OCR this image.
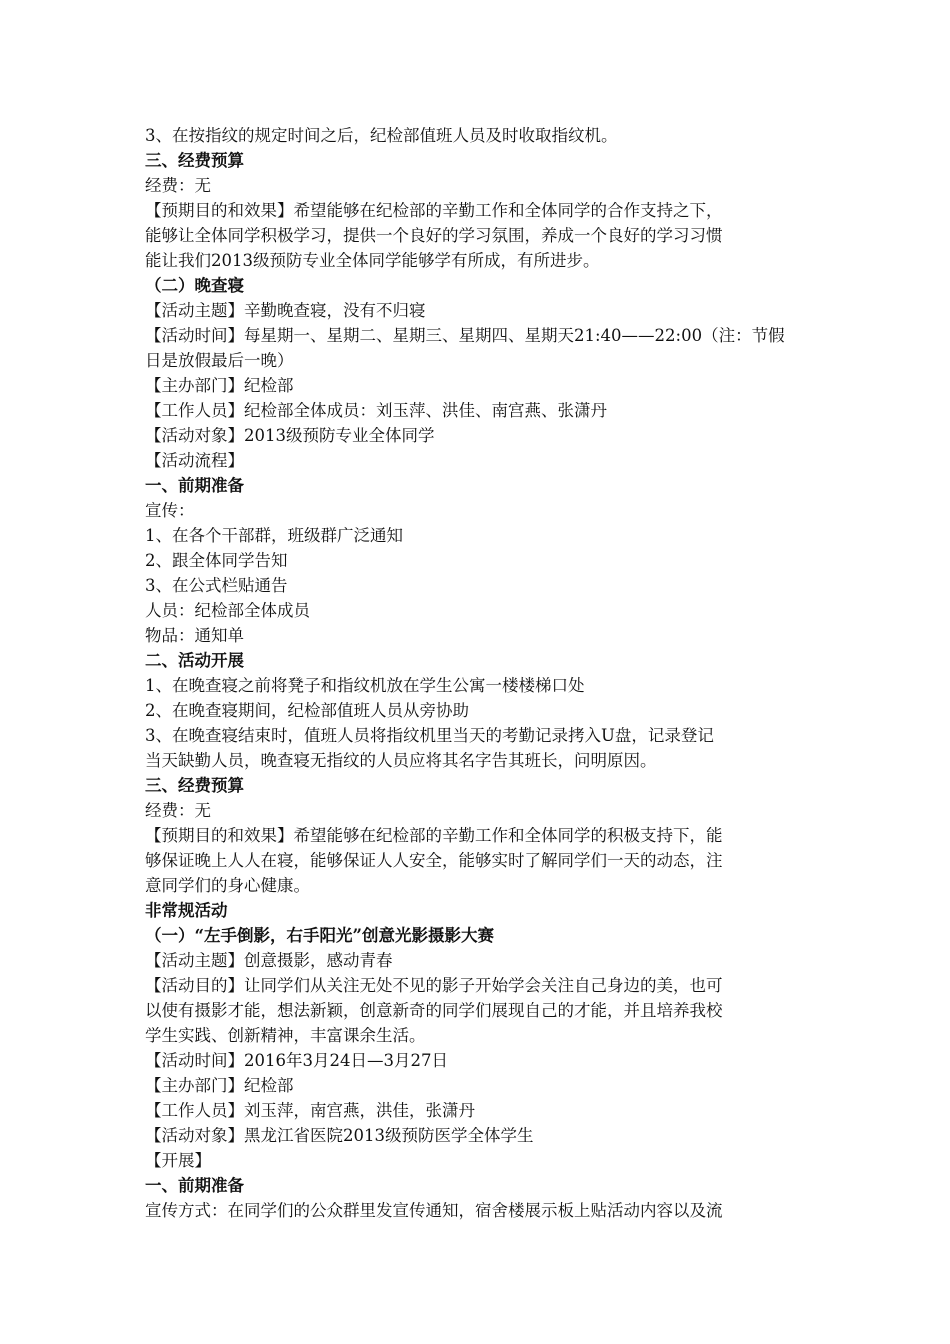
3、在按指纹的规定时间之后，纪检部值班人员及时收取指纹机。
三、经费预算
经费：无
【预期目的和效果】希望能够在纪检部的辛勤工作和全体同学的合作支持之下，
能够让全体同学积极学习，提供一个良好的学习氛围，养成一个良好的学习习惯
能让我们2013级预防专业全体同学能够学有所成，有所进步。
（二）晚查寝
【活动主题】辛勤晚查寝，没有不归寝
【活动时间】每星期一、星期二、星期三、星期四、星期天21:40——22:00（注：节假
日是放假最后一晚）
【主办部门】纪检部
【工作人员】纪检部全体成员：刘玉萍、洪佳、南宫燕、张潇丹
【活动对象】2013级预防专业全体同学
【活动流程】
一、前期准备
宣传：
1、在各个干部群，班级群广泛通知
2、跟全体同学告知
3、在公式栏贴通告
人员：纪检部全体成员
物品：通知单
二、活动开展
1、在晚查寝之前将凳子和指纹机放在学生公寓一楼楼梯口处
2、在晚查寝期间，纪检部值班人员从旁协助
3、在晚查寝结束时，值班人员将指纹机里当天的考勤记录拷入U盘，记录登记
当天缺勤人员，晚查寝无指纹的人员应将其名字告其班长，问明原因。
三、经费预算
经费：无
【预期目的和效果】希望能够在纪检部的辛勤工作和全体同学的积极支持下，能
够保证晚上人人在寝，能够保证人人安全，能够实时了解同学们一天的动态，注
意同学们的身心健康。
非常规活动
（一）“左手倒影，右手阳光”创意光影摄影大赛
【活动主题】创意摄影，感动青春
【活动目的】让同学们从关注无处不见的影子开始学会关注自己身边的美，也可
以使有摄影才能，想法新颖，创意新奇的同学们展现自己的才能，并且培养我校
学生实践、创新精神，丰富课余生活。
【活动时间】2016年3月24日—3月27日
【主办部门】纪检部
【工作人员】刘玉萍，南宫燕，洪佳，张潇丹
【活动对象】黑龙江省医院2013级预防医学全体学生
【开展】
一、前期准备
宣传方式：在同学们的公众群里发宣传通知，宿舍楼展示板上贴活动内容以及流
